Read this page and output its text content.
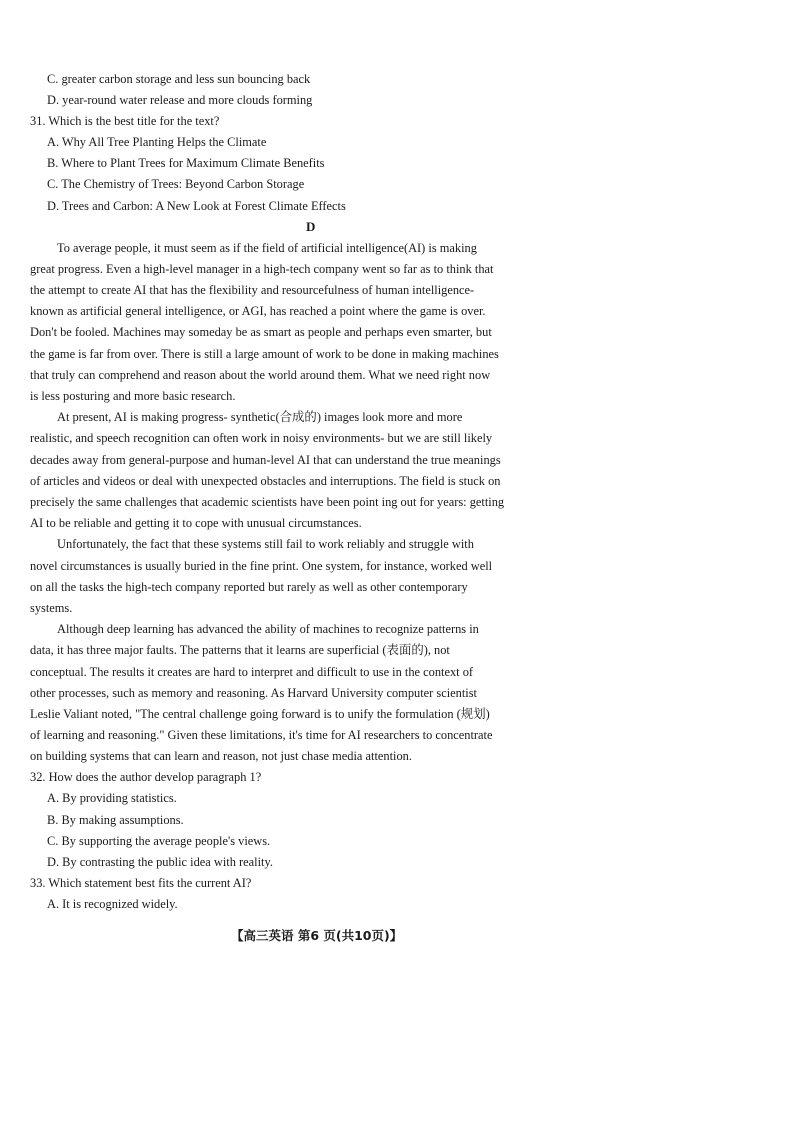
C. greater carbon storage and less sun bouncing back
D. year-round water release and more clouds forming
31. Which is the best title for the text?
A. Why All Tree Planting Helps the Climate
B. Where to Plant Trees for Maximum Climate Benefits
C. The Chemistry of Trees: Beyond Carbon Storage
D. Trees and Carbon: A New Look at Forest Climate Effects
D
To average people, it must seem as if the field of artificial intelligence(AI) is making
great progress. Even a high-level manager in a high-tech company went so far as to think that
the attempt to create AI that has the flexibility and resourcefulness of human intelligence-
known as artificial general intelligence, or AGI, has reached a point where the game is over.
Don't be fooled. Machines may someday be as smart as people and perhaps even smarter, but
the game is far from over. There is still a large amount of work to be done in making machines
that truly can comprehend and reason about the world around them. What we need right now
is less posturing and more basic research.
At present, AI is making progress- synthetic(合成的) images look more and more
realistic, and speech recognition can often work in noisy environments- but we are still likely
decades away from general-purpose and human-level AI that can understand the true meanings
of articles and videos or deal with unexpected obstacles and interruptions. The field is stuck on
precisely the same challenges that academic scientists have been point ing out for years: getting
AI to be reliable and getting it to cope with unusual circumstances.
Unfortunately, the fact that these systems still fail to work reliably and struggle with
novel circumstances is usually buried in the fine print. One system, for instance, worked well
on all the tasks the high-tech company reported but rarely as well as other contemporary
systems.
Although deep learning has advanced the ability of machines to recognize patterns in
data, it has three major faults. The patterns that it learns are superficial (表面的), not
conceptual. The results it creates are hard to interpret and difficult to use in the context of
other processes, such as memory and reasoning. As Harvard University computer scientist
Leslie Valiant noted, "The central challenge going forward is to unify the formulation (规划)
of learning and reasoning." Given these limitations, it's time for AI researchers to concentrate
on building systems that can learn and reason, not just chase media attention.
32. How does the author develop paragraph 1?
A. By providing statistics.
B. By making assumptions.
C. By supporting the average people's views.
D. By contrasting the public idea with reality.
33. Which statement best fits the current AI?
A. It is recognized widely.
【高三英语 第6 页(共10页)】
